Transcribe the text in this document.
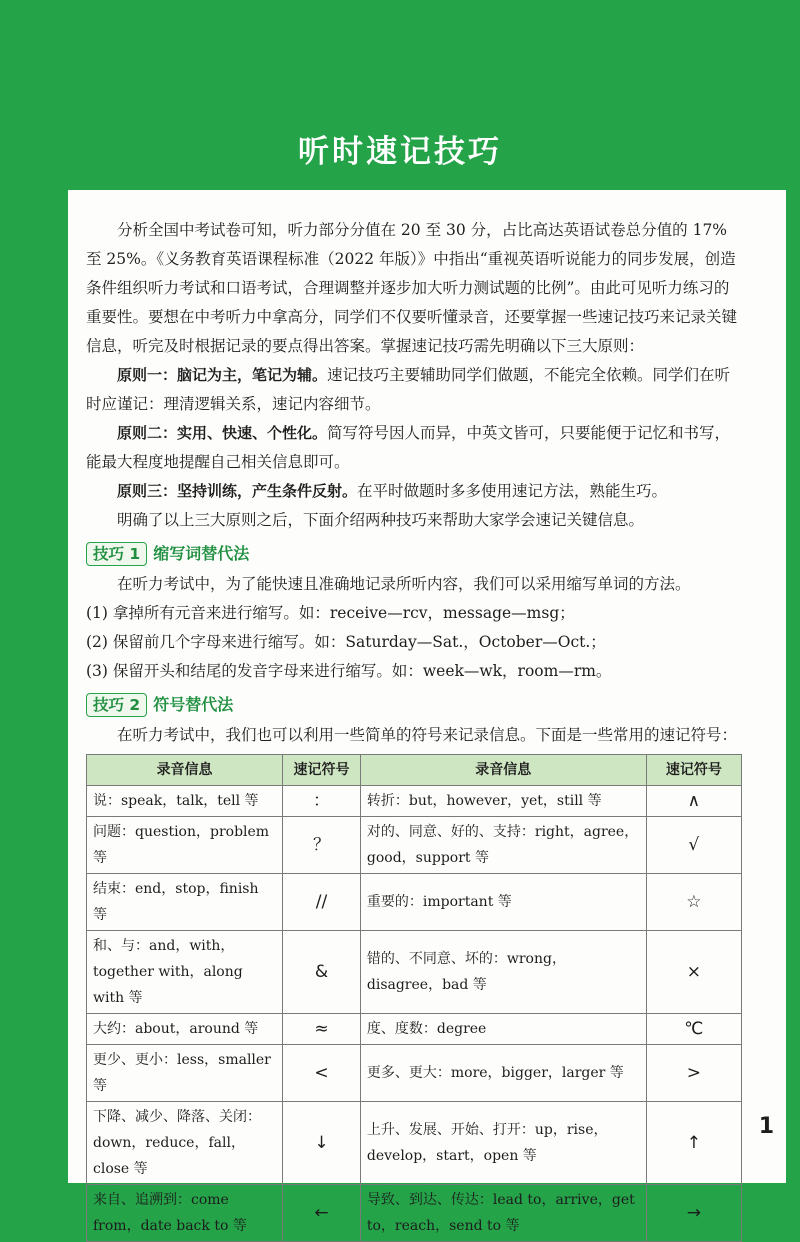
听时速记技巧

分析全国中考试卷可知，听力部分分值在 20 至 30 分，占比高达英语试卷总分值的 17% 至 25%。《义务教育英语课程标准（2022 年版）》中指出“重视英语听说能力的同步发展，创造条件组织听力考试和口语考试，合理调整并逐步加大听力测试题的比例”。由此可见听力练习的重要性。要想在中考听力中拿高分，同学们不仅要听懂录音，还要掌握一些速记技巧来记录关键信息，听完及时根据记录的要点得出答案。掌握速记技巧需先明确以下三大原则：

原则一：脑记为主，笔记为辅。速记技巧主要辅助同学们做题，不能完全依赖。同学们在听时应谨记：理清逻辑关系，速记内容细节。

原则二：实用、快速、个性化。简写符号因人而异，中英文皆可，只要能便于记忆和书写，能最大程度地提醒自己相关信息即可。

原则三：坚持训练，产生条件反射。在平时做题时多多使用速记方法，熟能生巧。

明确了以上三大原则之后，下面介绍两种技巧来帮助大家学会速记关键信息。

技巧 1 缩写词替代法

在听力考试中，为了能快速且准确地记录所听内容，我们可以采用缩写单词的方法。

(1) 拿掉所有元音来进行缩写。如：receive—rcv，message—msg；

(2) 保留前几个字母来进行缩写。如：Saturday—Sat.，October—Oct.；

(3) 保留开头和结尾的发音字母来进行缩写。如：week—wk，room—rm。

技巧 2 符号替代法

在听力考试中，我们也可以利用一些简单的符号来记录信息。下面是一些常用的速记符号：

录音信息	速记符号	录音信息	速记符号
说：speak，talk，tell 等	：	转折：but，however，yet，still 等	∧
问题：question，problem 等	？	对的、同意、好的、支持：right，agree，good，support 等	√
结束：end，stop，finish 等	//	重要的：important 等	☆
和、与：and，with，together with，along with 等	&	错的、不同意、坏的：wrong，disagree，bad 等	×
大约：about，around 等	≈	度、度数：degree	℃
更少、更小：less，smaller 等	<	更多、更大：more，bigger，larger 等	>
下降、减少、降落、关闭：down，reduce，fall，close 等	↓	上升、发展、开始、打开：up，rise，develop，start，open 等	↑
来自、追溯到：come from，date back to 等	←	导致、到达、传达：lead to，arrive，get to，reach，send to 等	→
1
